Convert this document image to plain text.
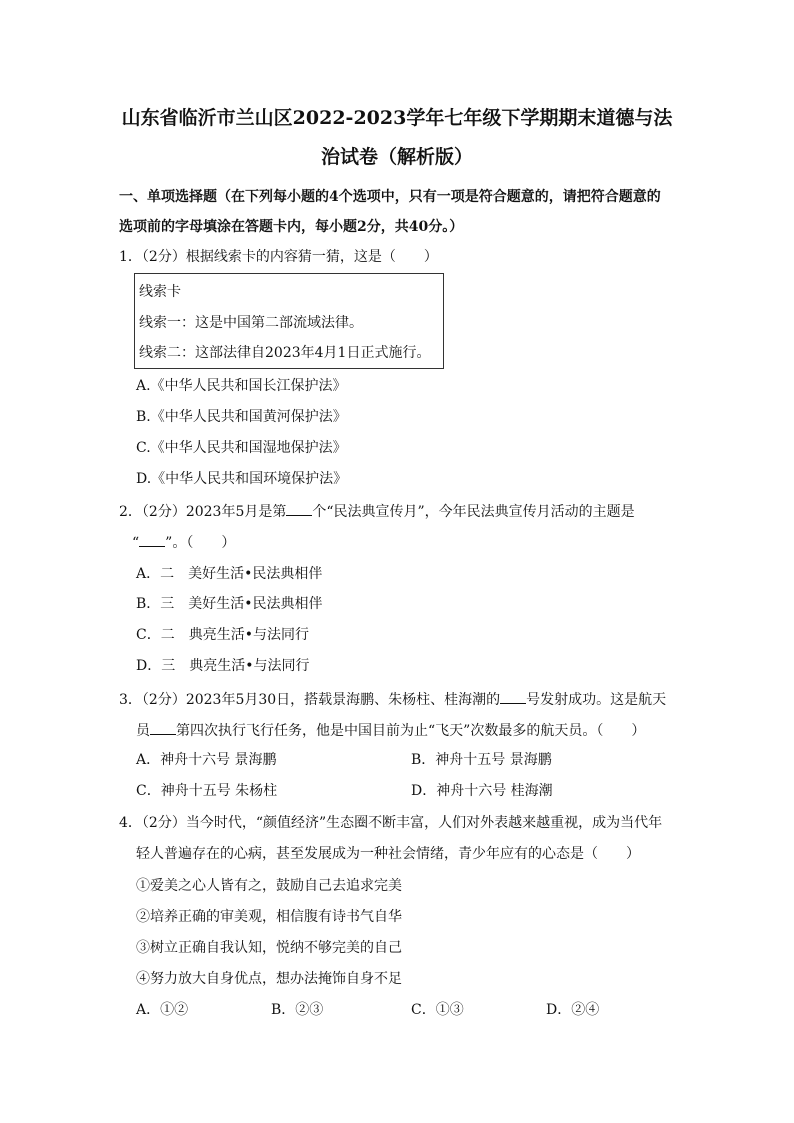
山东省临沂市兰山区2022-2023学年七年级下学期期末道德与法
治试卷（解析版）
一、单项选择题（在下列每小题的4个选项中，只有一项是符合题意的，请把符合题意的
选项前的字母填涂在答题卡内，每小题2分，共40分。）
1．（2分）根据线索卡的内容猜一猜，这是（　　）
线索卡
线索一：这是中国第二部流域法律。
线索二：这部法律自2023年4月1日正式施行。
A.《中华人民共和国长江保护法》
B.《中华人民共和国黄河保护法》
C.《中华人民共和国湿地保护法》
D.《中华人民共和国环境保护法》
2．（2分）2023年5月是第 个“民法典宣传月”，今年民法典宣传月活动的主题是
“ ”。（　　）
A．二　美好生活•民法典相伴
B．三　美好生活•民法典相伴
C．二　典亮生活•与法同行
D．三　典亮生活•与法同行
3．（2分）2023年5月30日，搭载景海鹏、朱杨柱、桂海潮的 号发射成功。这是航天
员 第四次执行飞行任务，他是中国目前为止“飞天”次数最多的航天员。（　　）
A．神舟十六号 景海鹏	B．神舟十五号 景海鹏
C．神舟十五号 朱杨柱	D．神舟十六号 桂海潮
4．（2分）当今时代，“颜值经济”生态圈不断丰富，人们对外表越来越重视，成为当代年
轻人普遍存在的心病，甚至发展成为一种社会情绪，青少年应有的心态是（　　）
①爱美之心人皆有之，鼓励自己去追求完美
②培养正确的审美观，相信腹有诗书气自华
③树立正确自我认知，悦纳不够完美的自己
④努力放大自身优点，想办法掩饰自身不足
A．①②	B．②③	C．①③	D．②④
